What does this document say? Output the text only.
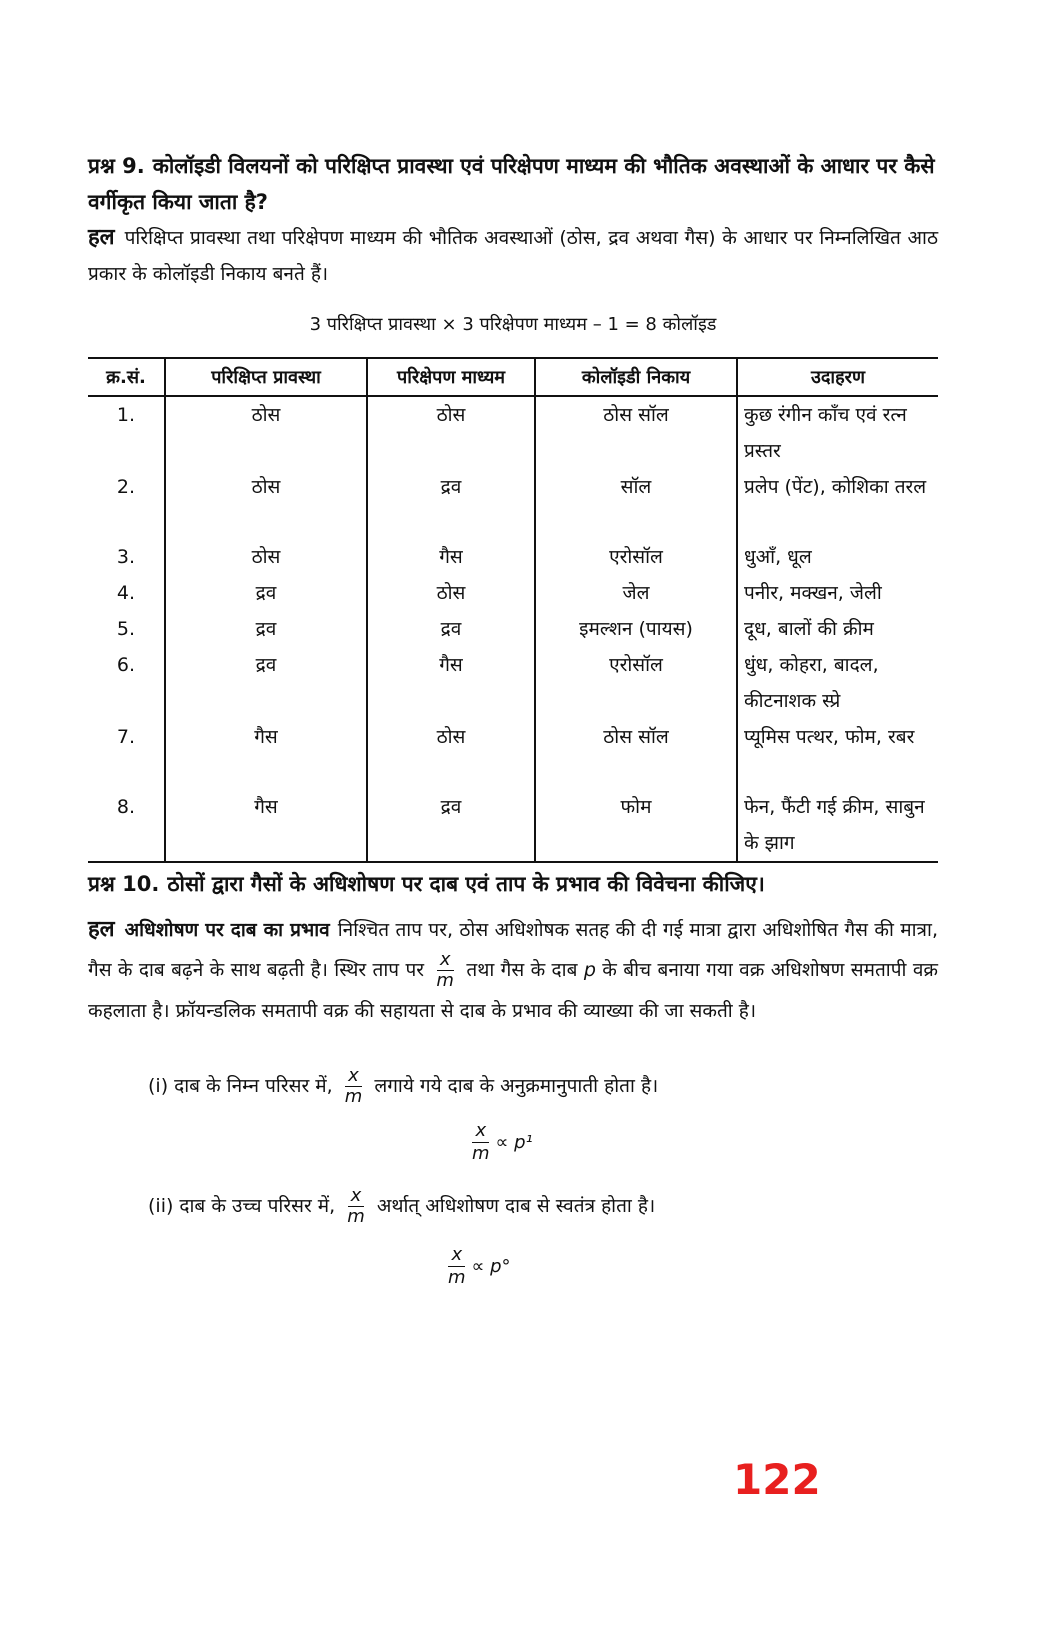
प्रश्न 9. कोलॉइडी विलयनों को परिक्षिप्त प्रावस्था एवं परिक्षेपण माध्यम की भौतिक अवस्थाओं के आधार पर कैसे वर्गीकृत किया जाता है?
हल परिक्षिप्त प्रावस्था तथा परिक्षेपण माध्यम की भौतिक अवस्थाओं (ठोस, द्रव अथवा गैस) के आधार पर निम्नलिखित आठ प्रकार के कोलॉइडी निकाय बनते हैं।
3 परिक्षिप्त प्रावस्था × 3 परिक्षेपण माध्यम – 1 = 8 कोलॉइड
क्र.सं.	परिक्षिप्त प्रावस्था	परिक्षेपण माध्यम	कोलॉइडी निकाय	उदाहरण
1.	ठोस	ठोस	ठोस सॉल	कुछ रंगीन काँच एवं रत्न प्रस्तर
2.	ठोस	द्रव	सॉल	प्रलेप (पेंट), कोशिका तरल
3.	ठोस	गैस	एरोसॉल	धुआँ, धूल
4.	द्रव	ठोस	जेल	पनीर, मक्खन, जेली
5.	द्रव	द्रव	इमल्शन (पायस)	दूध, बालों की क्रीम
6.	द्रव	गैस	एरोसॉल	धुंध, कोहरा, बादल, कीटनाशक स्प्रे
7.	गैस	ठोस	ठोस सॉल	प्यूमिस पत्थर, फोम, रबर
8.	गैस	द्रव	फोम	फेन, फैंटी गई क्रीम, साबुन के झाग
प्रश्न 10. ठोसों द्वारा गैसों के अधिशोषण पर दाब एवं ताप के प्रभाव की विवेचना कीजिए।
हल अधिशोषण पर दाब का प्रभाव निश्चित ताप पर, ठोस अधिशोषक सतह की दी गई मात्रा द्वारा अधिशोषित गैस की मात्रा, गैस के दाब बढ़ने के साथ बढ़ती है। स्थिर ताप पर $\frac{x}{m}$ तथा गैस के दाब p के बीच बनाया गया वक्र अधिशोषण समतापी वक्र कहलाता है। फ्रॉयन्डलिक समतापी वक्र की सहायता से दाब के प्रभाव की व्याख्या की जा सकती है।
(i) दाब के निम्न परिसर में, $\frac{x}{m}$ लगाये गये दाब के अनुक्रमानुपाती होता है।
$\frac{x}{m} \propto p^1$
(ii) दाब के उच्च परिसर में, $\frac{x}{m}$ अर्थात् अधिशोषण दाब से स्वतंत्र होता है।
$\frac{x}{m} \propto p^\circ$
122
